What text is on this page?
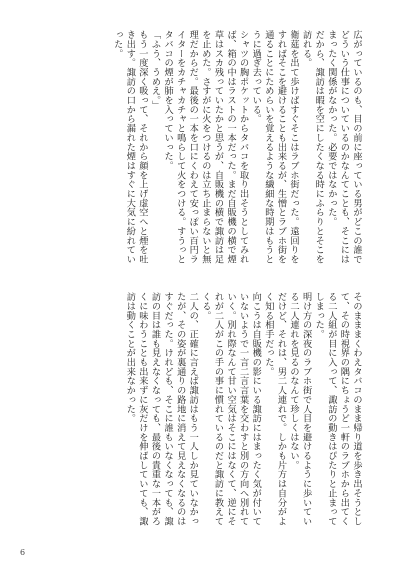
広がっているのも、目の前に座っている男がどこの誰でどういう仕事についているのかなんてことも、そこにはまったく関係がなかった。必要ではなかった。

だから、諏訪は暇を空にしたくなる時にふらりとそこを訪れる。

衛莚を出て歩けばすぐそこはラブホ街だった。遠回りをすればそこを避けることも出来るが、生憎とラブホ街を通ることにためらいを覚えるような繊細な時期はもうとうに過ぎ去っている。

シャツの胸ポケットからタバコを取り出そうとしてみれば、箱の中はラストの一本だった。まだ自販機の横で煙草はスカ残っていたかと思うが、自販機の横で諏訪は足を止めた。さすがに火をつけるのは立ち止まらないと無理だからだ。最後の一本を口にくわえて安っぽい百円ライターをカチャカチャと鳴らして火をつける。すうっとタバコの煙が肺を入っていった。

「ふう、うめえ。」

もう一度深く吸って、それから顔を上げ虚空へと煙を吐き出す。諏訪の口から漏れた煙はすぐに大気に紛れていった。

そのまままくわえタバコのまま帰り道を歩き出そうとして、その時視界の隅にちょうど一軒のラブホから出てくる二人組が目に入って、諏訪の動きはぴたりと止まってしまった。

明け方の深夜のラブホ街で人目を避けるように歩いている二人連れを見るのなんて珍しくはない。

だけど、それは、男二人連れで。しかも片方は自分がよく知る相手だった。

向こうは自販機の影にいる諏訪にはまったく気が付いていないようで一言二言言葉を交わすと別の方向へ別れていく。別れ際なんて甘い空気はそこにはなくて、逆にそれが二人がこの手の事に慣れているのだと諏訪に教えてくる。

二人の、正確に言えば諏訪はもう一人しか見ていなかったが、その姿が裏通りの路地に消えて見えなくなるのはすぐだった。けれども、そこに誰もいなくなっても、諏訪の目は誰も見えなくなっても、最後の貴重な一本がろくに味わうことも出来ずに灰だけを伸ばしていても、諏訪は動くことが出来なかった。

6
